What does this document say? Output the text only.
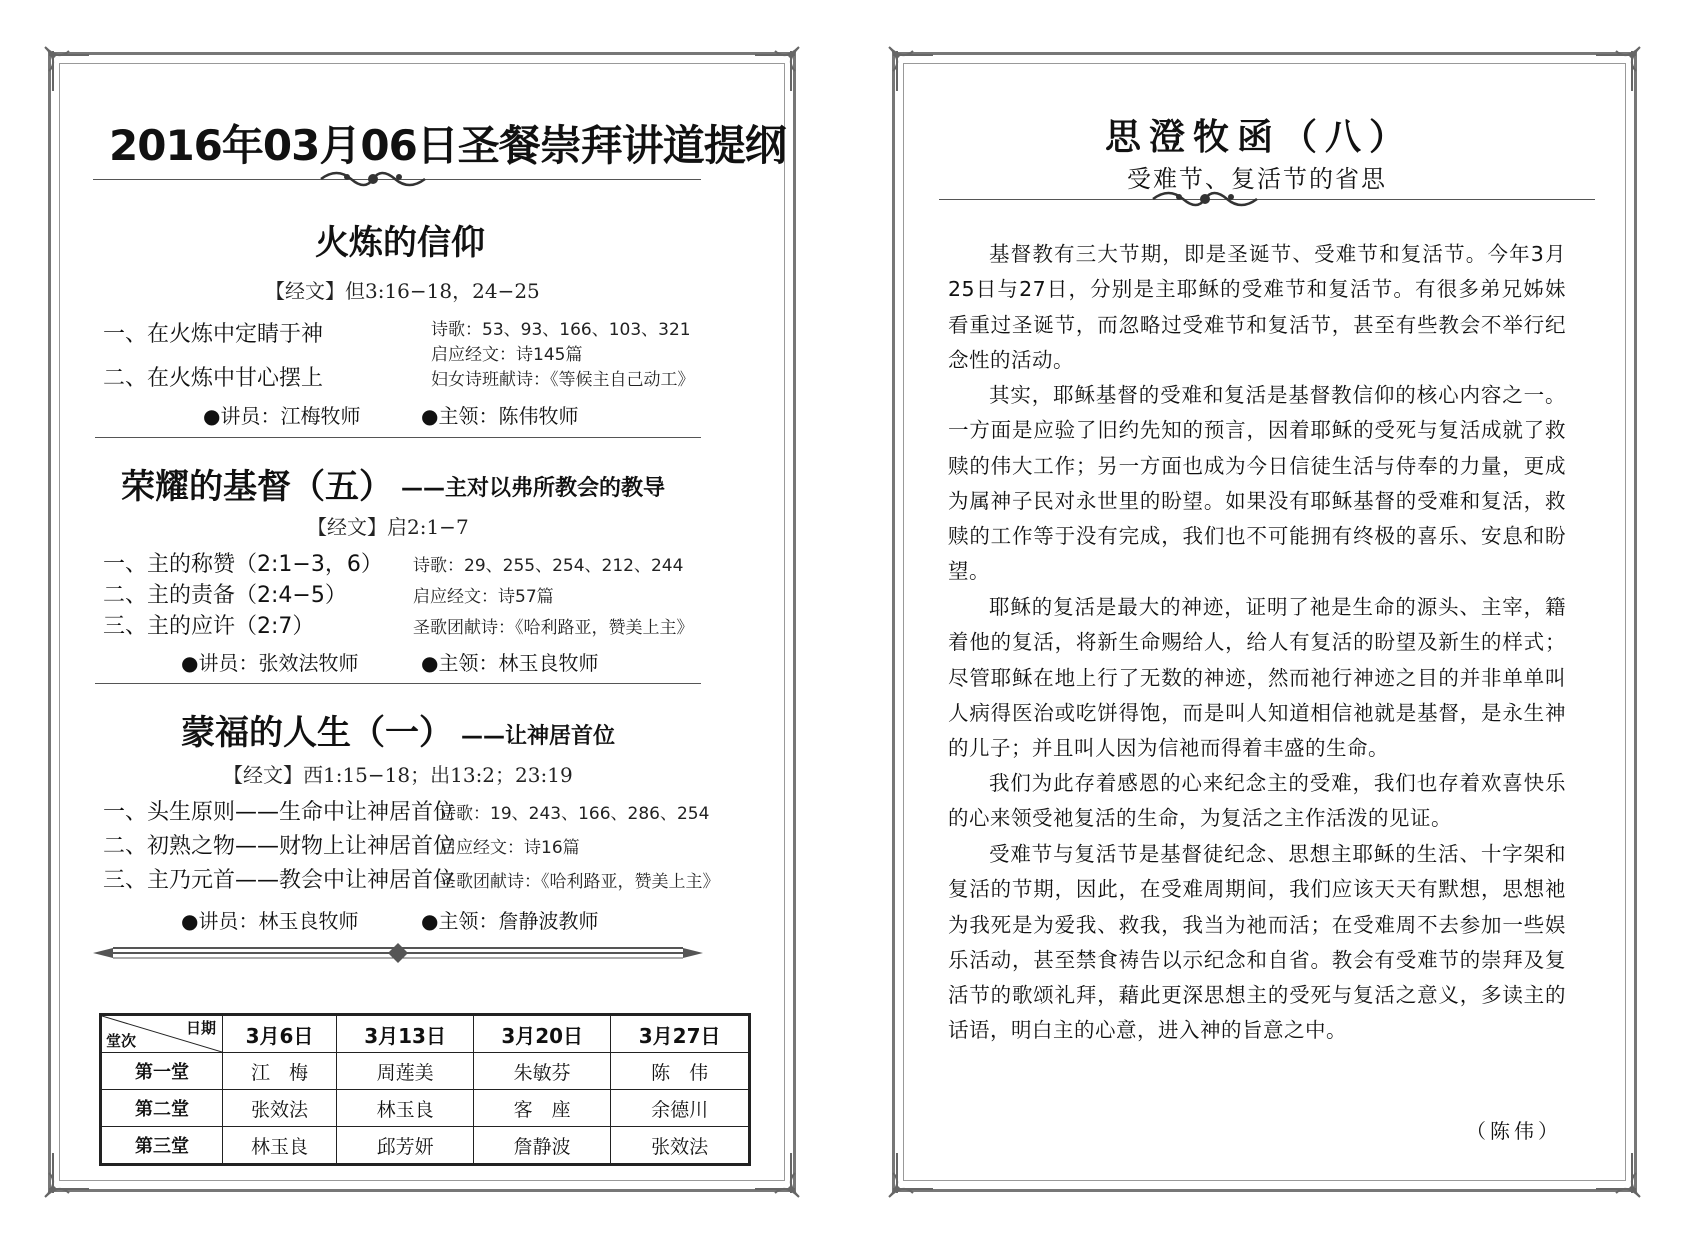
2016年03月06日圣餐崇拜讲道提纲
火炼的信仰
【经文】但3:16−18，24−25
一、在火炼中定睛于神
二、在火炼中甘心摆上
诗歌：53、93、166、103、321
启应经文：诗145篇
妇女诗班献诗：《等候主自己动工》
●讲员：江梅牧师	●主领：陈伟牧师
荣耀的基督（五） ——主对以弗所教会的教导
【经文】启2:1−7
一、主的称赞（2:1−3，6）
二、主的责备（2:4−5）
三、主的应许（2:7）
诗歌：29、255、254、212、244
启应经文：诗57篇
圣歌团献诗：《哈利路亚，赞美上主》
●讲员：张效法牧师	●主领：林玉良牧师
蒙福的人生（一） ——让神居首位
【经文】西1:15−18；出13:2；23:19
一、头生原则——生命中让神居首位
二、初熟之物——财物上让神居首位
三、主乃元首——教会中让神居首位
诗歌：19、243、166、286、254
启应经文：诗16篇
圣歌团献诗：《哈利路亚，赞美上主》
●讲员：林玉良牧师	●主领：詹静波教师
日期
堂次	3月6日	3月13日	3月20日	3月27日
第一堂	江　梅	周莲美	朱敏芬	陈　伟
第二堂	张效法	林玉良	客　座	余德川
第三堂	林玉良	邱芳妍	詹静波	张效法
思澄牧函（八）
受难节、复活节的省思
基督教有三大节期，即是圣诞节、受难节和复活节。今年3月25日与27日，分别是主耶稣的受难节和复活节。有很多弟兄姊妹看重过圣诞节，而忽略过受难节和复活节，甚至有些教会不举行纪念性的活动。
其实，耶稣基督的受难和复活是基督教信仰的核心内容之一。一方面是应验了旧约先知的预言，因着耶稣的受死与复活成就了救赎的伟大工作；另一方面也成为今日信徒生活与侍奉的力量，更成为属神子民对永世里的盼望。如果没有耶稣基督的受难和复活，救赎的工作等于没有完成，我们也不可能拥有终极的喜乐、安息和盼望。
耶稣的复活是最大的神迹，证明了祂是生命的源头、主宰，籍着他的复活，将新生命赐给人，给人有复活的盼望及新生的样式；尽管耶稣在地上行了无数的神迹，然而祂行神迹之目的并非单单叫人病得医治或吃饼得饱，而是叫人知道相信祂就是基督，是永生神的儿子；并且叫人因为信祂而得着丰盛的生命。
我们为此存着感恩的心来纪念主的受难，我们也存着欢喜快乐的心来领受祂复活的生命，为复活之主作活泼的见证。
受难节与复活节是基督徒纪念、思想主耶稣的生活、十字架和复活的节期，因此，在受难周期间，我们应该天天有默想，思想祂为我死是为爱我、救我，我当为祂而活；在受难周不去参加一些娱乐活动，甚至禁食祷告以示纪念和自省。教会有受难节的崇拜及复活节的歌颂礼拜，藉此更深思想主的受死与复活之意义，多读主的话语，明白主的心意，进入神的旨意之中。
（陈伟）
